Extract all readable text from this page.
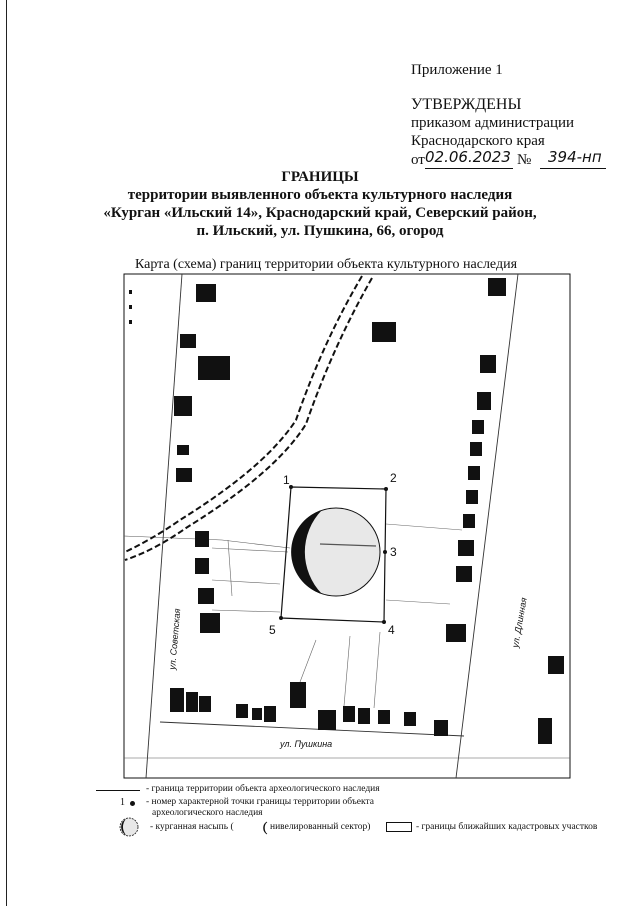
Приложение 1
УТВЕРЖДЕНЫ
приказом администрации
Краснодарского края
от 02.06.2023 № 394-нп
ГРАНИЦЫ
территории выявленного объекта культурного наследия
«Курган «Ильский 14», Краснодарский край, Северский район,
п. Ильский, ул. Пушкина, 66, огород
Карта (схема) границ территории объекта культурного наследия
1	2
3
4
5
ул. Советская
ул. Пушкина
ул. Длинная
- граница территории объекта археологического наследия
1 - номер характерной точки границы территории объекта
археологического наследия
- курганная насыпь (	нивелированный сектор)	- границы ближайших кадастровых участков
